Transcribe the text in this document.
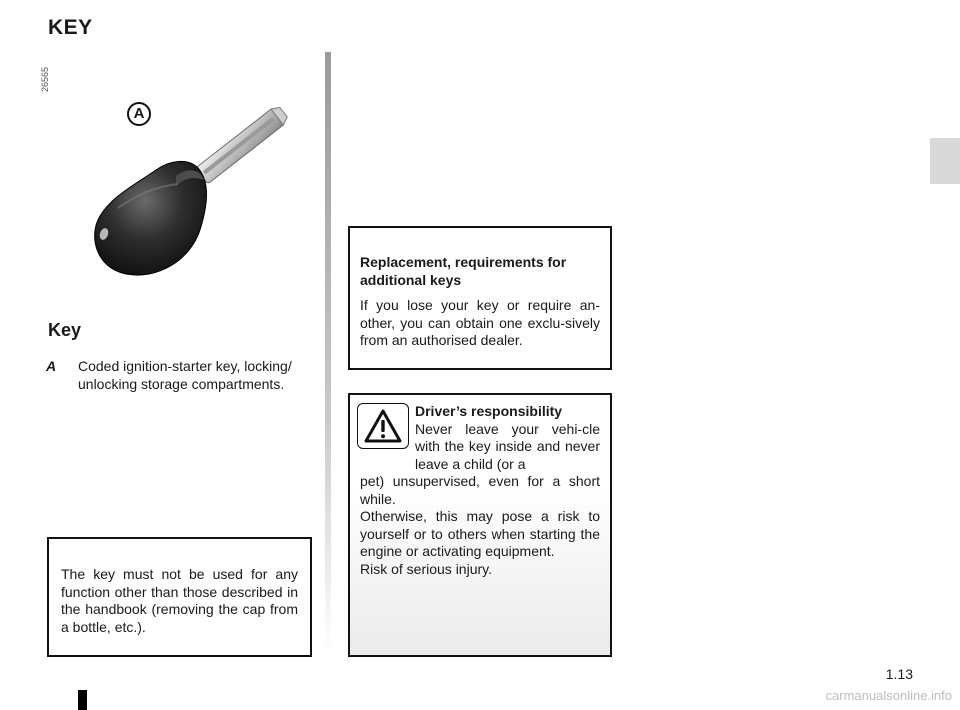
KEY
26565
A
Key
A Coded ignition-starter key, locking/ unlocking storage compartments.
The key must not be used for any function other than those described in the handbook (removing the cap from a bottle, etc.).
Replacement, requirements for additional keys
If you lose your key or require an-other, you can obtain one exclu-sively from an authorised dealer.
Driver’s responsibility
Never leave your vehi-cle with the key inside and never leave a child (or a
pet) unsupervised, even for a short while.
Otherwise, this may pose a risk to yourself or to others when starting the engine or activating equipment.
Risk of serious injury.
1.13
carmanualsonline.info
